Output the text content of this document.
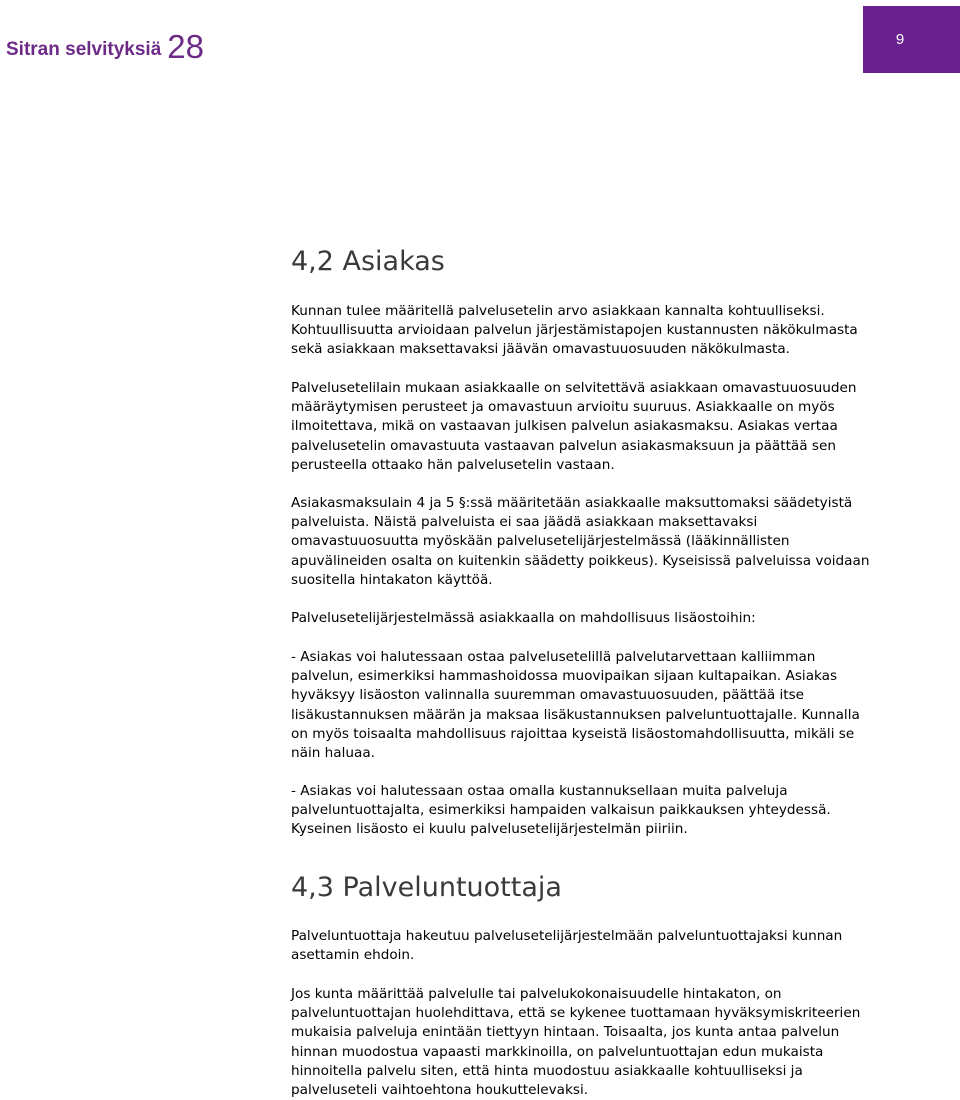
Sitran selvityksiä 28	9
4,2 Asiakas

Kunnan tulee määritellä palvelusetelin arvo asiakkaan kannalta kohtuulliseksi. Kohtuullisuutta arvioidaan palvelun järjestämistapojen kustannusten näkökulmasta sekä asiakkaan maksettavaksi jäävän omavastuuosuuden näkökulmasta.

Palvelusetelilain mukaan asiakkaalle on selvitettävä asiakkaan omavastuuosuuden määräytymisen perusteet ja omavastuun arvioitu suuruus. Asiakkaalle on myös ilmoitettava, mikä on vastaavan julkisen palvelun asiakasmaksu. Asiakas vertaa palvelusetelin omavastuuta vastaavan palvelun asiakasmaksuun ja päättää sen perusteella ottaako hän palvelusetelin vastaan.

Asiakasmaksulain 4 ja 5 §:ssä määritetään asiakkaalle maksuttomaksi säädetyistä palveluista. Näistä palveluista ei saa jäädä asiakkaan maksettavaksi omavastuuosuutta myöskään palvelusetelijärjestelmässä (lääkinnällisten apuvälineiden osalta on kuitenkin säädetty poikkeus). Kyseisissä palveluissa voidaan suositella hintakaton käyttöä.

Palvelusetelijärjestelmässä asiakkaalla on mahdollisuus lisäostoihin:

- Asiakas voi halutessaan ostaa palvelusetelillä palvelutarvettaan kalliimman palvelun, esimerkiksi hammashoidossa muovipaikan sijaan kultapaikan. Asiakas hyväksyy lisäoston valinnalla suuremman omavastuuosuuden, päättää itse lisäkustannuksen määrän ja maksaa lisäkustannuksen palveluntuottajalle. Kunnalla on myös toisaalta mahdollisuus rajoittaa kyseistä lisäostomahdollisuutta, mikäli se näin haluaa.

- Asiakas voi halutessaan ostaa omalla kustannuksellaan muita palveluja palveluntuottajalta, esimerkiksi hampaiden valkaisun paikkauksen yhteydessä. Kyseinen lisäosto ei kuulu palvelusetelijärjestelmän piiriin.

4,3 Palveluntuottaja

Palveluntuottaja hakeutuu palvelusetelijärjestelmään palveluntuottajaksi kunnan asettamin ehdoin.

Jos kunta määrittää palvelulle tai palvelukokonaisuudelle hintakaton, on palveluntuottajan huolehdittava, että se kykenee tuottamaan hyväksymiskriteerien mukaisia palveluja enintään tiettyyn hintaan. Toisaalta, jos kunta antaa palvelun hinnan muodostua vapaasti markkinoilla, on palveluntuottajan edun mukaista hinnoitella palvelu siten, että hinta muodostuu asiakkaalle kohtuulliseksi ja palveluseteli vaihtoehtona houkuttelevaksi.
